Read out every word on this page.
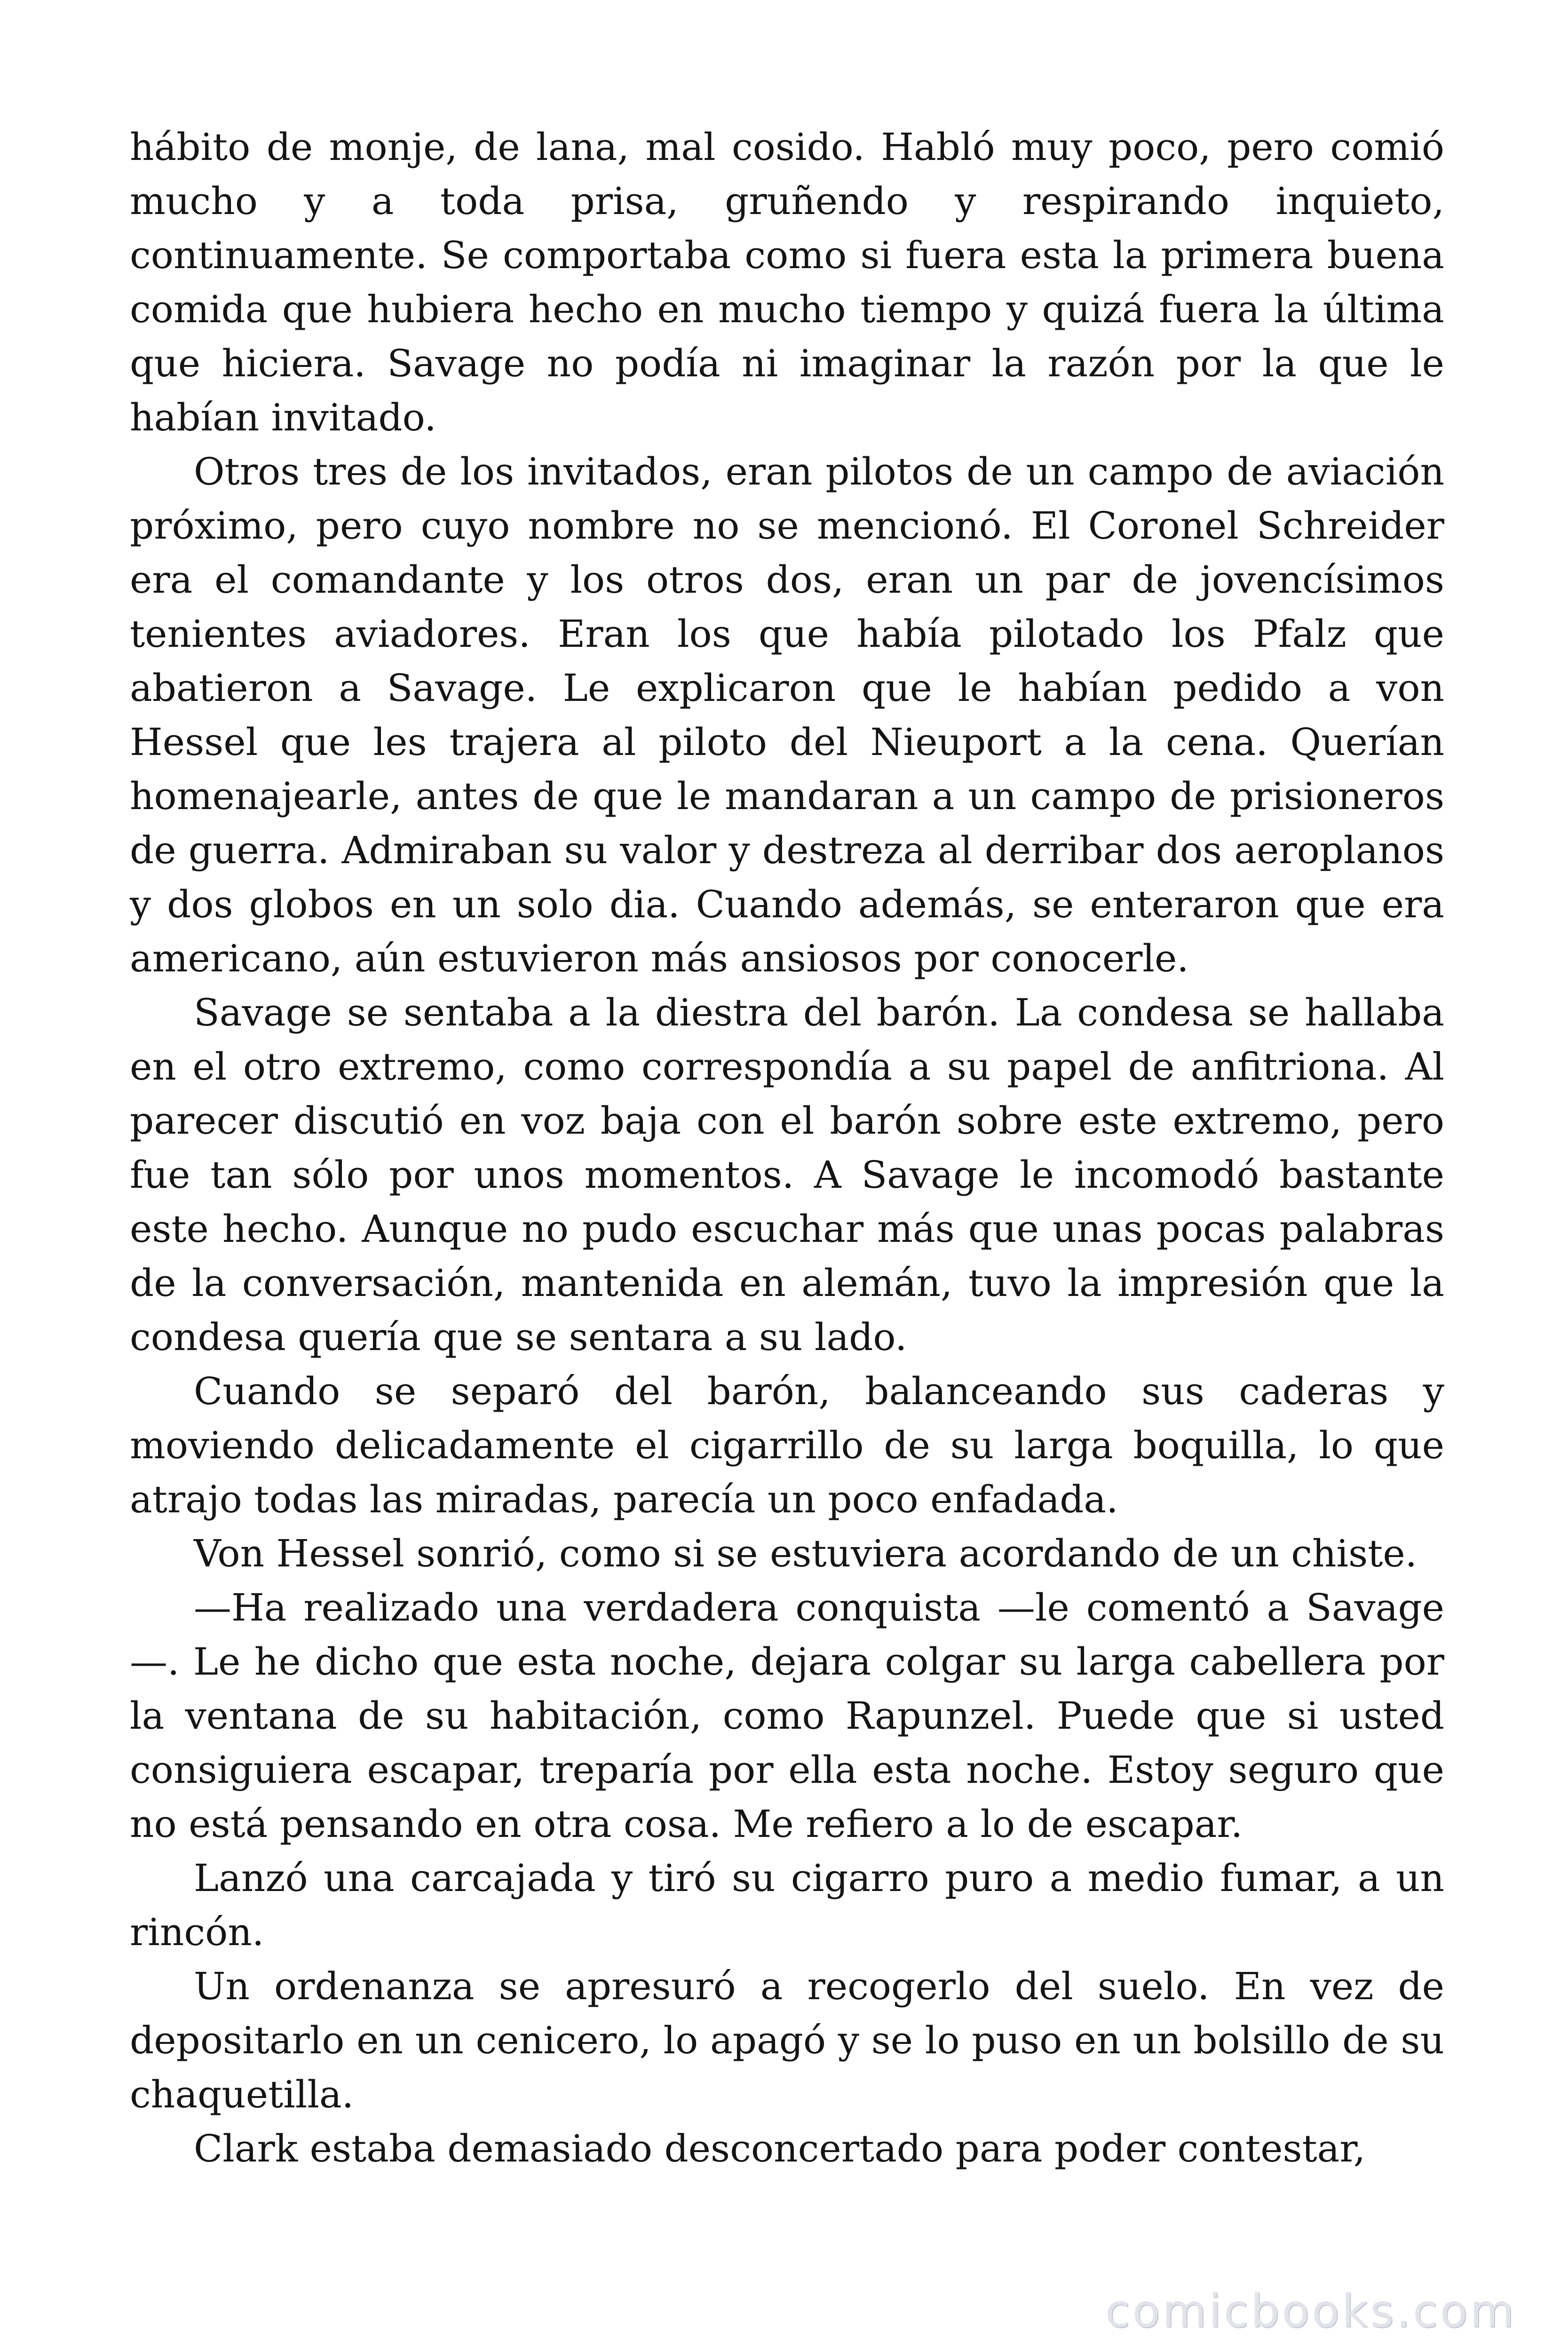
hábito de monje, de lana, mal cosido. Habló muy poco, pero comió mucho y a toda prisa, gruñendo y respirando inquieto, continuamente. Se comportaba como si fuera esta la primera buena comida que hubiera hecho en mucho tiempo y quizá fuera la última que hiciera. Savage no podía ni imaginar la razón por la que le habían invitado.

Otros tres de los invitados, eran pilotos de un campo de aviación próximo, pero cuyo nombre no se mencionó. El Coronel Schreider era el comandante y los otros dos, eran un par de jovencísimos tenientes aviadores. Eran los que había pilotado los Pfalz que abatieron a Savage. Le explicaron que le habían pedido a von Hessel que les trajera al piloto del Nieuport a la cena. Querían homenajearle, antes de que le mandaran a un campo de prisioneros de guerra. Admiraban su valor y destreza al derribar dos aeroplanos y dos globos en un solo dia. Cuando además, se enteraron que era americano, aún estuvieron más ansiosos por conocerle.

Savage se sentaba a la diestra del barón. La condesa se hallaba en el otro extremo, como correspondía a su papel de anfitriona. Al parecer discutió en voz baja con el barón sobre este extremo, pero fue tan sólo por unos momentos. A Savage le incomodó bastante este hecho. Aunque no pudo escuchar más que unas pocas palabras de la conversación, mantenida en alemán, tuvo la impresión que la condesa quería que se sentara a su lado.

Cuando se separó del barón, balanceando sus caderas y moviendo delicadamente el cigarrillo de su larga boquilla, lo que atrajo todas las miradas, parecía un poco enfadada.

Von Hessel sonrió, como si se estuviera acordando de un chiste.

—Ha realizado una verdadera conquista —le comentó a Savage —. Le he dicho que esta noche, dejara colgar su larga cabellera por la ventana de su habitación, como Rapunzel. Puede que si usted consiguiera escapar, treparía por ella esta noche. Estoy seguro que no está pensando en otra cosa. Me refiero a lo de escapar.

Lanzó una carcajada y tiró su cigarro puro a medio fumar, a un rincón.

Un ordenanza se apresuró a recogerlo del suelo. En vez de depositarlo en un cenicero, lo apagó y se lo puso en un bolsillo de su chaquetilla.

Clark estaba demasiado desconcertado para poder contestar,

comicbooks.com
